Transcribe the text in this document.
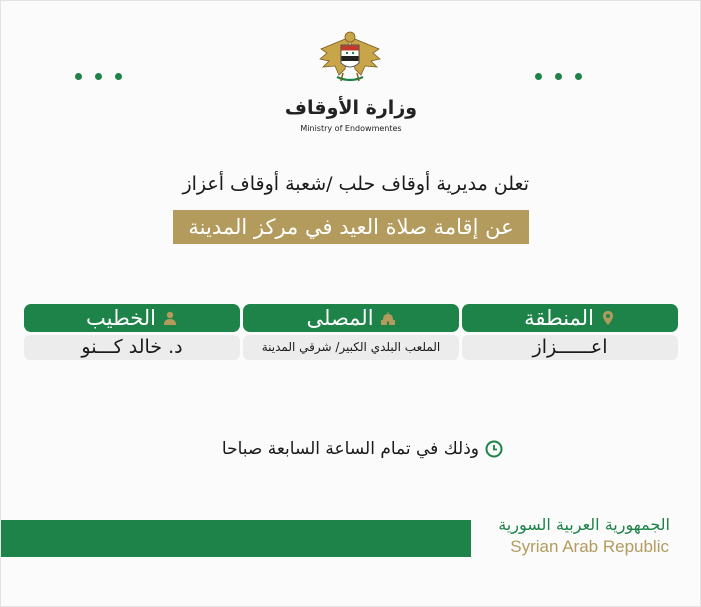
وزارة الأوقاف
Ministry of Endowmentes
تعلن مديرية أوقاف حلب /شعبة أوقاف أعزاز
عن إقامة صلاة العيد في مركز المدينة
المنطقة
اعــــــزاز
المصلى
الملعب البلدي الكبير/ شرقي المدينة
الخطيب
د. خالد كـــنو
وذلك في تمام الساعة السابعة صباحا
الجمهورية العربية السورية
Syrian Arab Republic
